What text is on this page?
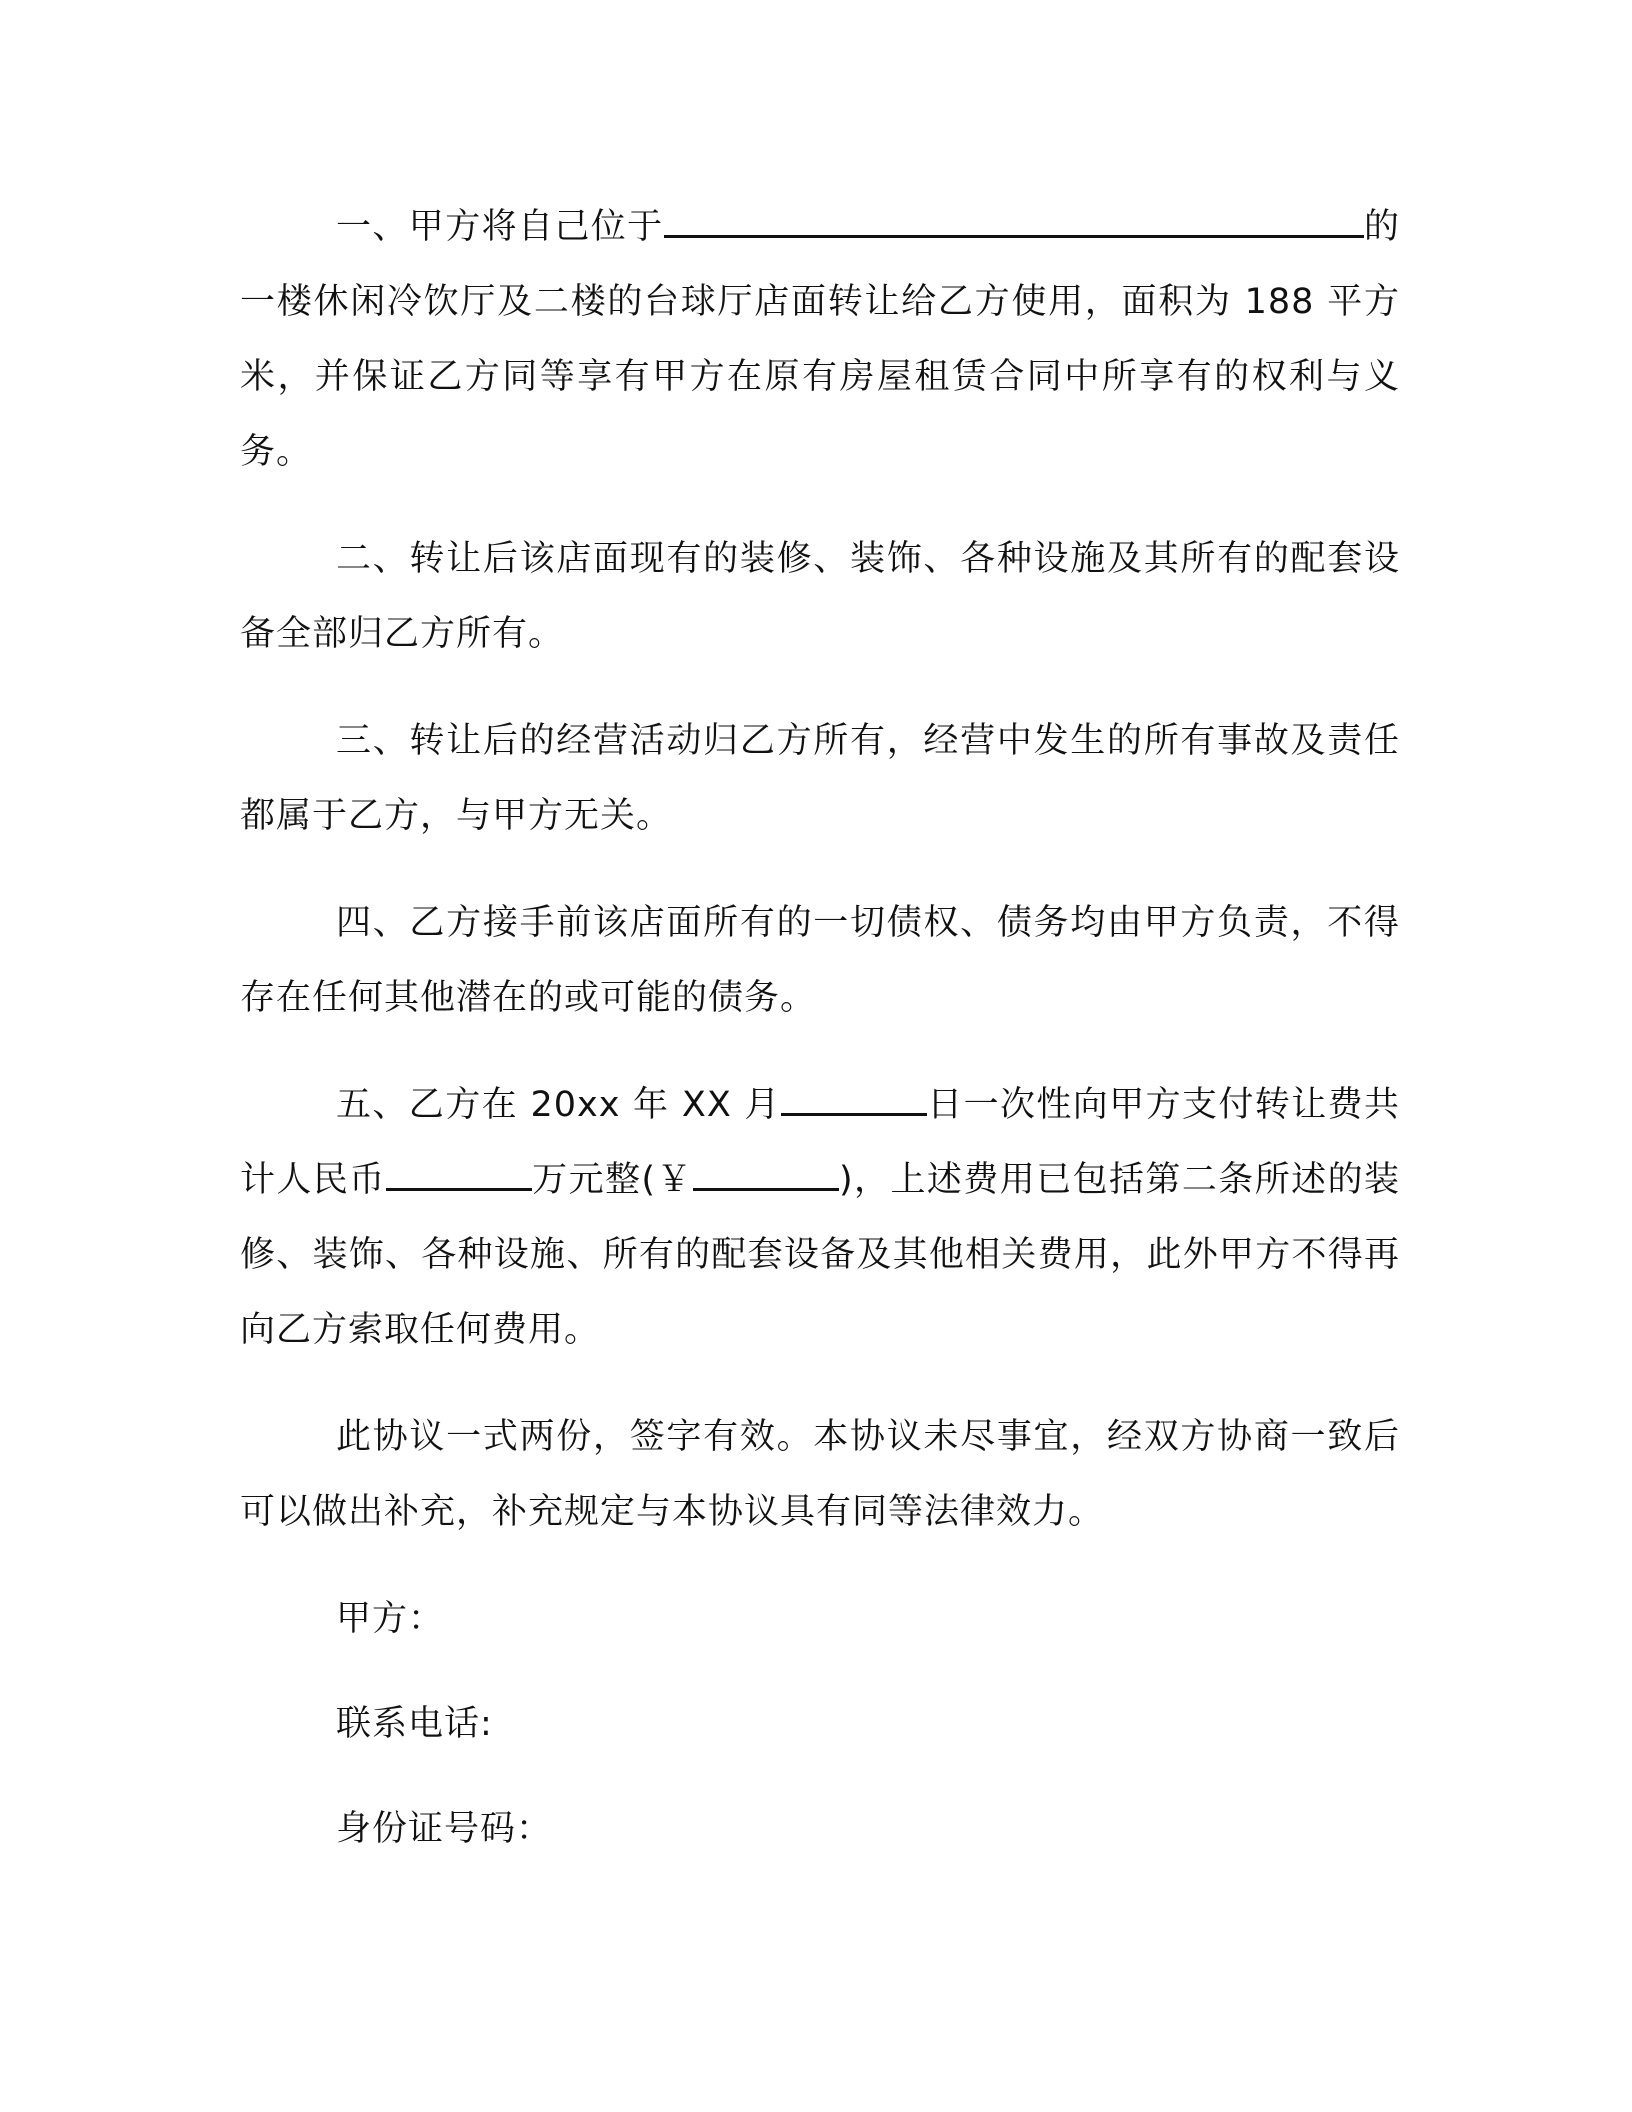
一、甲方将自己位于	的一楼休闲冷饮厅及二楼的台球厅店面转让给乙方使用，面积为 188 平方米，并保证乙方同等享有甲方在原有房屋租赁合同中所享有的权利与义务。

二、转让后该店面现有的装修、装饰、各种设施及其所有的配套设备全部归乙方所有。

三、转让后的经营活动归乙方所有，经营中发生的所有事故及责任都属于乙方，与甲方无关。

四、乙方接手前该店面所有的一切债权、债务均由甲方负责，不得存在任何其他潜在的或可能的债务。

五、乙方在 20xx 年 XX 月	日一次性向甲方支付转让费共计人民币	万元整(￥	)，上述费用已包括第二条所述的装修、装饰、各种设施、所有的配套设备及其他相关费用，此外甲方不得再向乙方索取任何费用。

此协议一式两份，签字有效。本协议未尽事宜，经双方协商一致后可以做出补充，补充规定与本协议具有同等法律效力。

甲方：
联系电话:
身份证号码：
